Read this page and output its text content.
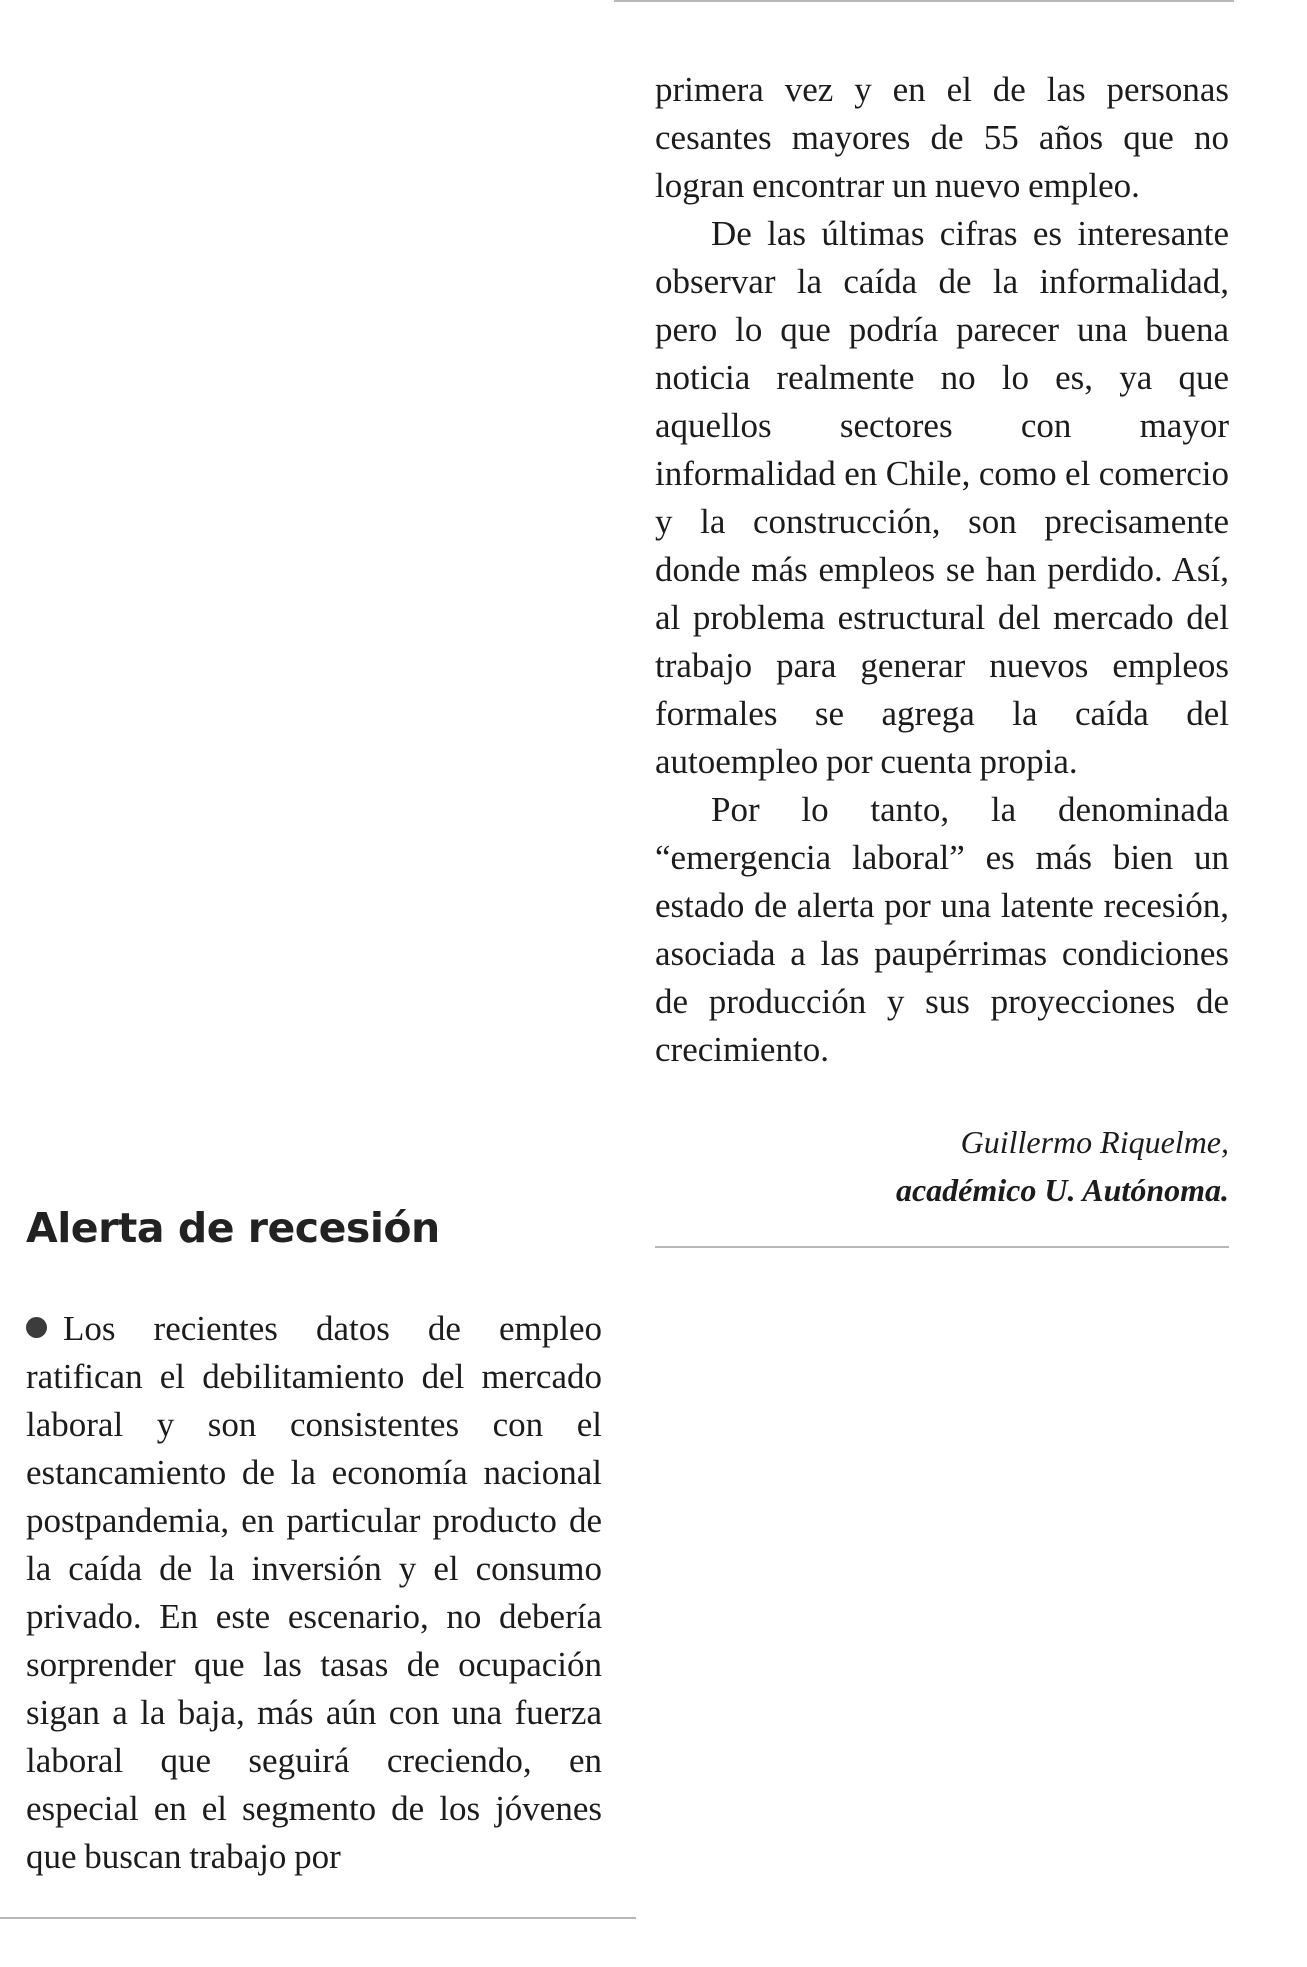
primera vez y en el de las personas cesantes mayores de 55 años que no logran encontrar un nuevo empleo.

De las últimas cifras es interesante observar la caída de la informalidad, pero lo que podría parecer una buena noticia realmente no lo es, ya que aquellos sectores con mayor informalidad en Chile, como el comercio y la construcción, son precisamente donde más empleos se han perdido. Así, al problema estructural del mercado del trabajo para generar nuevos empleos formales se agrega la caída del autoempleo por cuenta propia.

Por lo tanto, la denominada “emergencia laboral” es más bien un estado de alerta por una latente recesión, asociada a las paupérrimas condiciones de producción y sus proyecciones de crecimiento.

Guillermo Riquelme,
académico U. Autónoma.
Alerta de recesión

Los recientes datos de empleo ratifican el debilitamiento del mercado laboral y son consistentes con el estancamiento de la economía nacional postpandemia, en particular producto de la caída de la inversión y el consumo privado. En este escenario, no debería sorprender que las tasas de ocupación sigan a la baja, más aún con una fuerza laboral que seguirá creciendo, en especial en el segmento de los jóvenes que buscan trabajo por
